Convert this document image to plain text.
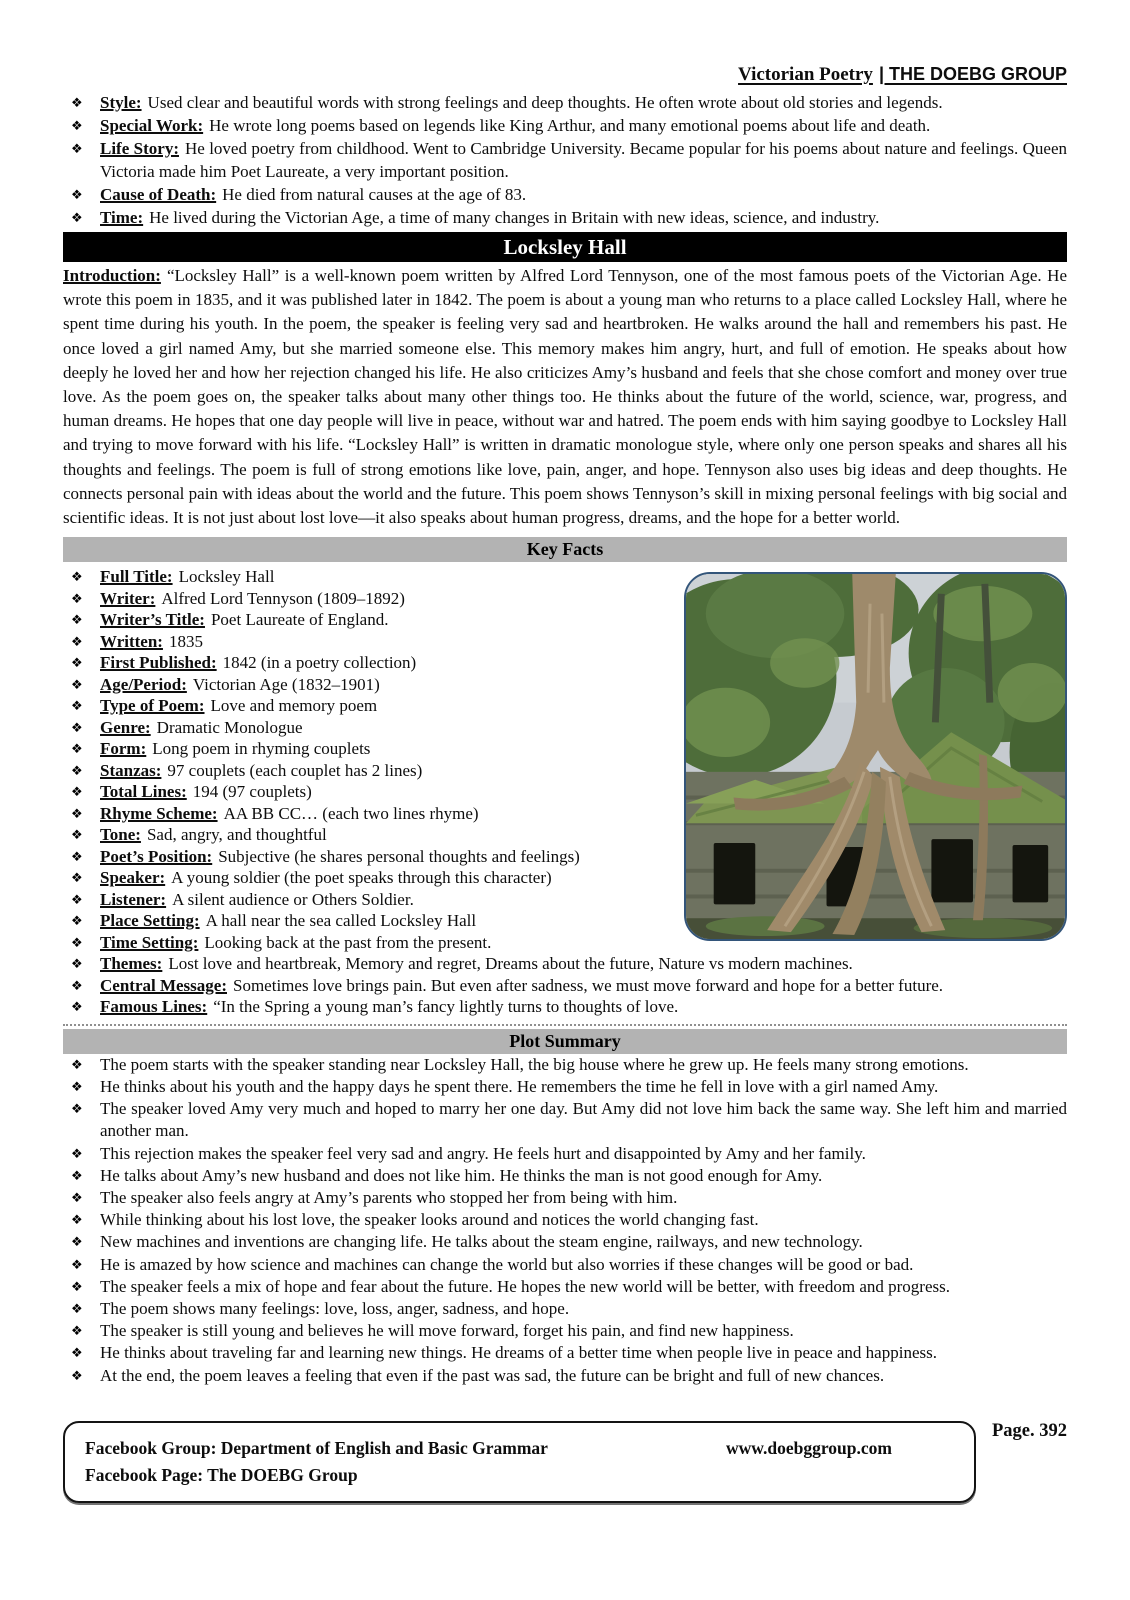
Victorian Poetry | THE DOEBG GROUP
❖
Style: Used clear and beautiful words with strong feelings and deep thoughts. He often wrote about old stories and legends.
❖
Special Work: He wrote long poems based on legends like King Arthur, and many emotional poems about life and death.
❖
Life Story: He loved poetry from childhood. Went to Cambridge University. Became popular for his poems about nature and feelings. Queen Victoria made him Poet Laureate, a very important position.
❖
Cause of Death: He died from natural causes at the age of 83.
❖
Time: He lived during the Victorian Age, a time of many changes in Britain with new ideas, science, and industry.
Locksley Hall

Introduction: “Locksley Hall” is a well-known poem written by Alfred Lord Tennyson, one of the most famous poets of the Victorian Age. He wrote this poem in 1835, and it was published later in 1842. The poem is about a young man who returns to a place called Locksley Hall, where he spent time during his youth. In the poem, the speaker is feeling very sad and heartbroken. He walks around the hall and remembers his past. He once loved a girl named Amy, but she married someone else. This memory makes him angry, hurt, and full of emotion. He speaks about how deeply he loved her and how her rejection changed his life. He also criticizes Amy’s husband and feels that she chose comfort and money over true love. As the poem goes on, the speaker talks about many other things too. He thinks about the future of the world, science, war, progress, and human dreams. He hopes that one day people will live in peace, without war and hatred. The poem ends with him saying goodbye to Locksley Hall and trying to move forward with his life. “Locksley Hall” is written in dramatic monologue style, where only one person speaks and shares all his thoughts and feelings. The poem is full of strong emotions like love, pain, anger, and hope. Tennyson also uses big ideas and deep thoughts. He connects personal pain with ideas about the world and the future. This poem shows Tennyson’s skill in mixing personal feelings with big social and scientific ideas. It is not just about lost love—it also speaks about human progress, dreams, and the hope for a better world.

Key Facts
❖
Full Title: Locksley Hall
❖
Writer: Alfred Lord Tennyson (1809–1892)
❖
Writer’s Title: Poet Laureate of England.
❖
Written: 1835
❖
First Published: 1842 (in a poetry collection)
❖
Age/Period: Victorian Age (1832–1901)
❖
Type of Poem: Love and memory poem
❖
Genre: Dramatic Monologue
❖
Form: Long poem in rhyming couplets
❖
Stanzas: 97 couplets (each couplet has 2 lines)
❖
Total Lines: 194 (97 couplets)
❖
Rhyme Scheme: AA BB CC… (each two lines rhyme)
❖
Tone: Sad, angry, and thoughtful
❖
Poet’s Position: Subjective (he shares personal thoughts and feelings)
❖
Speaker: A young soldier (the poet speaks through this character)
❖
Listener: A silent audience or Others Soldier.
❖
Place Setting: A hall near the sea called Locksley Hall
❖
Time Setting: Looking back at the past from the present.
❖
Themes: Lost love and heartbreak, Memory and regret, Dreams about the future, Nature vs modern machines.
❖
Central Message: Sometimes love brings pain. But even after sadness, we must move forward and hope for a better future.
❖
Famous Lines: “In the Spring a young man’s fancy lightly turns to thoughts of love.
Plot Summary
❖
The poem starts with the speaker standing near Locksley Hall, the big house where he grew up. He feels many strong emotions.
❖
He thinks about his youth and the happy days he spent there. He remembers the time he fell in love with a girl named Amy.
❖
The speaker loved Amy very much and hoped to marry her one day. But Amy did not love him back the same way. She left him and married another man.
❖
This rejection makes the speaker feel very sad and angry. He feels hurt and disappointed by Amy and her family.
❖
He talks about Amy’s new husband and does not like him. He thinks the man is not good enough for Amy.
❖
The speaker also feels angry at Amy’s parents who stopped her from being with him.
❖
While thinking about his lost love, the speaker looks around and notices the world changing fast.
❖
New machines and inventions are changing life. He talks about the steam engine, railways, and new technology.
❖
He is amazed by how science and machines can change the world but also worries if these changes will be good or bad.
❖
The speaker feels a mix of hope and fear about the future. He hopes the new world will be better, with freedom and progress.
❖
The poem shows many feelings: love, loss, anger, sadness, and hope.
❖
The speaker is still young and believes he will move forward, forget his pain, and find new happiness.
❖
He thinks about traveling far and learning new things. He dreams of a better time when people live in peace and happiness.
❖
At the end, the poem leaves a feeling that even if the past was sad, the future can be bright and full of new chances.
Facebook Group: Department of English and Basic Grammar	www.doebggroup.com
Facebook Page: The DOEBG Group
Page. 392
